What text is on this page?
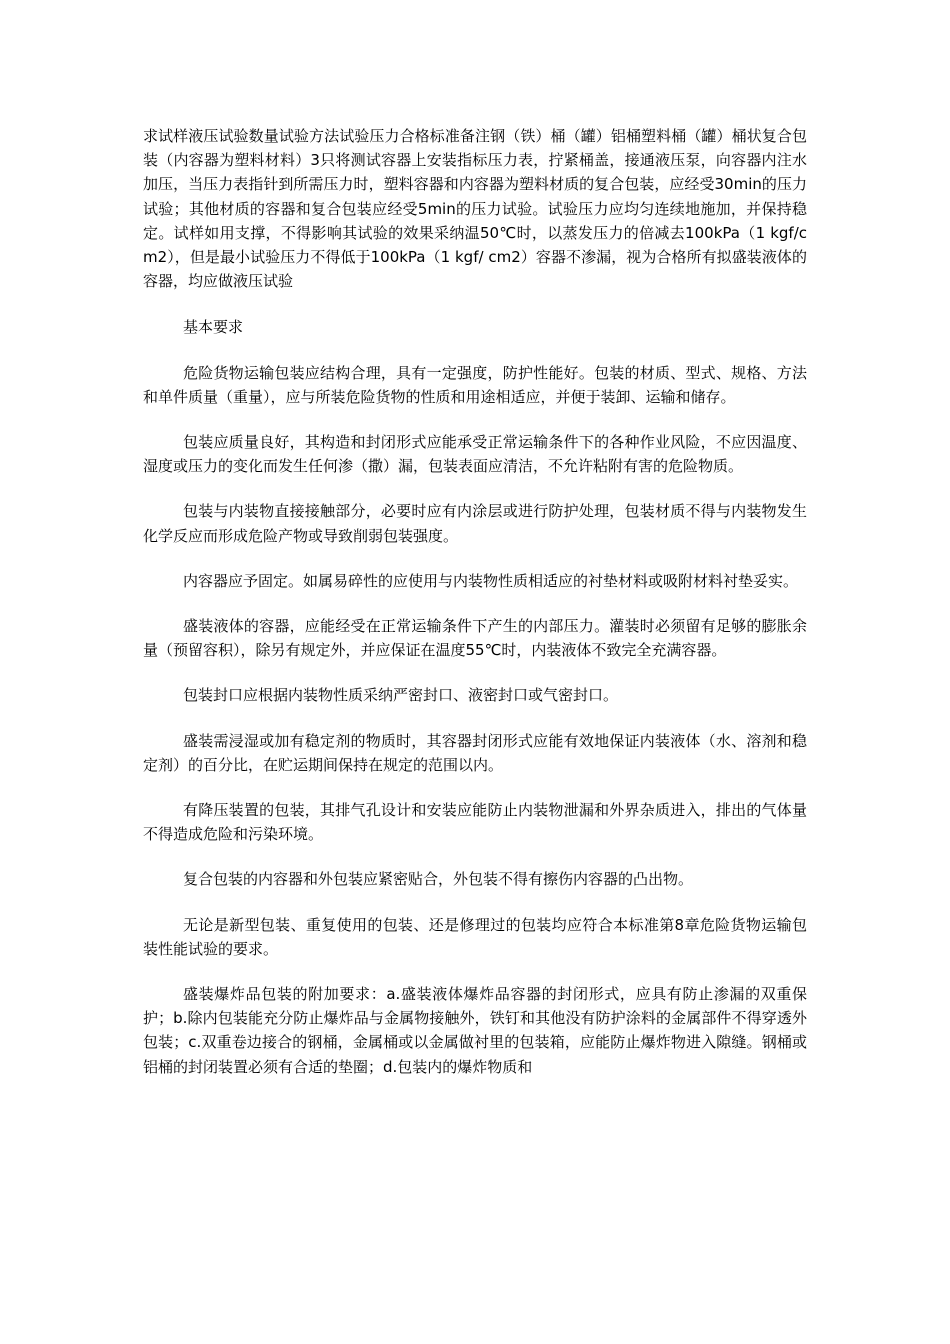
求试样液压试验数量试验方法试验压力合格标准备注钢（铁）桶（罐）铝桶塑料桶（罐）桶状复合包装（内容器为塑料材料）3只将测试容器上安装指标压力表，拧紧桶盖，接通液压泵，向容器内注水加压，当压力表指针到所需压力时，塑料容器和内容器为塑料材质的复合包装，应经受30min的压力试验；其他材质的容器和复合包装应经受5min的压力试验。试验压力应均匀连续地施加，并保持稳定。试样如用支撑，不得影响其试验的效果采纳温50℃时，以蒸发压力的倍减去100kPa（1 kgf/cm2），但是最小试验压力不得低于100kPa（1 kgf/ cm2）容器不渗漏，视为合格所有拟盛装液体的容器，均应做液压试验

基本要求

危险货物运输包装应结构合理，具有一定强度，防护性能好。包装的材质、型式、规格、方法和单件质量（重量），应与所装危险货物的性质和用途相适应，并便于装卸、运输和储存。

包装应质量良好，其构造和封闭形式应能承受正常运输条件下的各种作业风险，不应因温度、湿度或压力的变化而发生任何渗（撒）漏，包装表面应清洁，不允许粘附有害的危险物质。

包装与内装物直接接触部分，必要时应有内涂层或进行防护处理，包装材质不得与内装物发生化学反应而形成危险产物或导致削弱包装强度。

内容器应予固定。如属易碎性的应使用与内装物性质相适应的衬垫材料或吸附材料衬垫妥实。

盛装液体的容器，应能经受在正常运输条件下产生的内部压力。灌装时必须留有足够的膨胀余量（预留容积），除另有规定外，并应保证在温度55℃时，内装液体不致完全充满容器。

包装封口应根据内装物性质采纳严密封口、液密封口或气密封口。

盛装需浸湿或加有稳定剂的物质时，其容器封闭形式应能有效地保证内装液体（水、溶剂和稳定剂）的百分比，在贮运期间保持在规定的范围以内。

有降压装置的包装，其排气孔设计和安装应能防止内装物泄漏和外界杂质进入，排出的气体量不得造成危险和污染环境。

复合包装的内容器和外包装应紧密贴合，外包装不得有擦伤内容器的凸出物。

无论是新型包装、重复使用的包装、还是修理过的包装均应符合本标准第8章危险货物运输包装性能试验的要求。

盛装爆炸品包装的附加要求：a.盛装液体爆炸品容器的封闭形式，应具有防止渗漏的双重保护；b.除内包装能充分防止爆炸品与金属物接触外，铁钉和其他没有防护涂料的金属部件不得穿透外包装；c.双重卷边接合的钢桶，金属桶或以金属做衬里的包装箱，应能防止爆炸物进入隙缝。钢桶或铝桶的封闭装置必须有合适的垫圈；d.包装内的爆炸物质和
